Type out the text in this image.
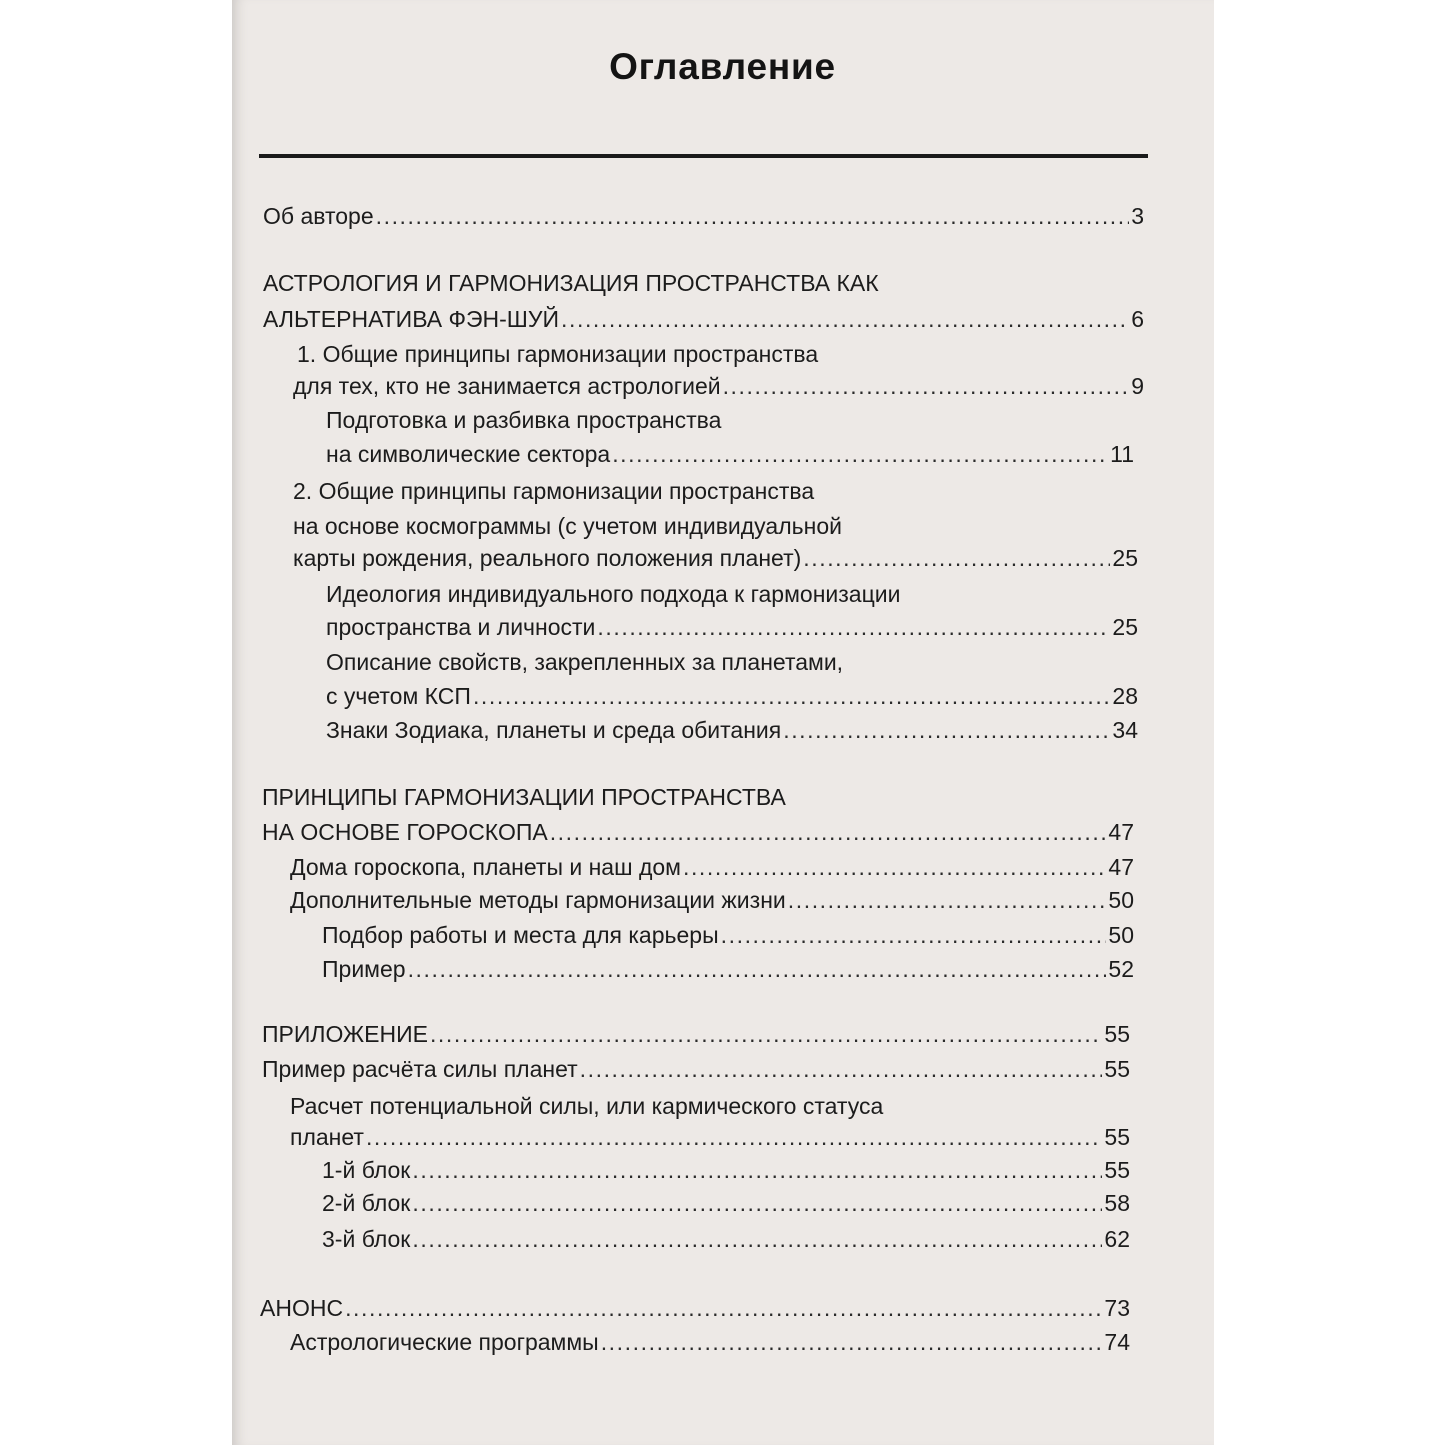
Оглавление
Об авторе . . .	3
АСТРОЛОГИЯ И ГАРМОНИЗАЦИЯ ПРОСТРАНСТВА КАК
АЛЬТЕРНАТИВА ФЭН-ШУЙ . . .	6
1. Общие принципы гармонизации пространства
для тех, кто не занимается астрологией . . .	9
Подготовка и разбивка пространства
на символические сектора . . .	11
2. Общие принципы гармонизации пространства
на основе космограммы (с учетом индивидуальной
карты рождения, реального положения планет) . . .	25
Идеология индивидуального подхода к гармонизации
пространства и личности . . .	25
Описание свойств, закрепленных за планетами,
с учетом КСП . . .	28
Знаки Зодиака, планеты и среда обитания . . .	34
ПРИНЦИПЫ ГАРМОНИЗАЦИИ ПРОСТРАНСТВА
НА ОСНОВЕ ГОРОСКОПА . . .	47
Дома гороскопа, планеты и наш дом . . .	47
Дополнительные методы гармонизации жизни . . .	50
Подбор работы и места для карьеры . . .	50
Пример . . .	52
ПРИЛОЖЕНИЕ . . .	55
Пример расчёта силы планет . . .	55
Расчет потенциальной силы, или кармического статуса
планет . . .	55
1-й блок . . .	55
2-й блок . . .	58
3-й блок . . .	62
АНОНС . . .	73
Астрологические программы . . .	74
